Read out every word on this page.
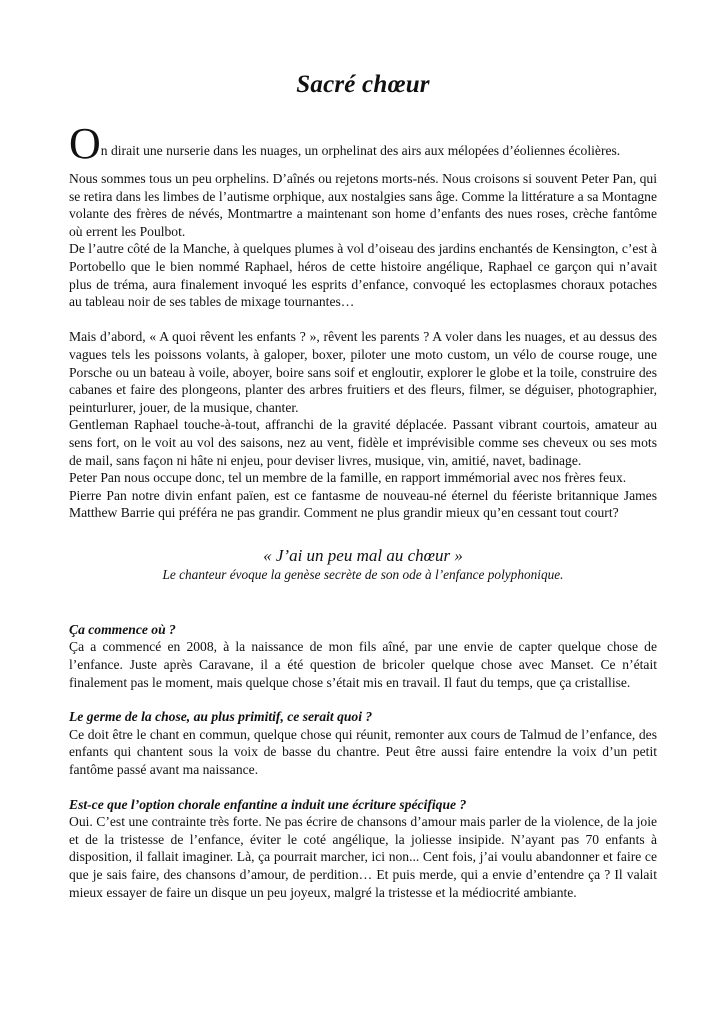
Sacré chœur
O n dirait une nurserie dans les nuages, un orphelinat des airs aux mélopées d’éoliennes écolières.

Nous sommes tous un peu orphelins. D’aînés ou rejetons morts-nés. Nous croisons si souvent Peter Pan, qui se retira dans les limbes de l’autisme orphique, aux nostalgies sans âge. Comme la littérature a sa Montagne volante des frères de névés, Montmartre a maintenant son home d’enfants des nues roses, crèche fantôme où errent les Poulbot.

De l’autre côté de la Manche, à quelques plumes à vol d’oiseau des jardins enchantés de Kensington, c’est à Portobello que le bien nommé Raphael, héros de cette histoire angélique, Raphael ce garçon qui n’avait plus de tréma, aura finalement invoqué les esprits d’enfance, convoqué les ectoplasmes choraux potaches au tableau noir de ses tables de mixage tournantes…

Mais d’abord, « A quoi rêvent les enfants ? », rêvent les parents ? A voler dans les nuages, et au dessus des vagues tels les poissons volants, à galoper, boxer, piloter une moto custom, un vélo de course rouge, une Porsche ou un bateau à voile, aboyer, boire sans soif et engloutir, explorer le globe et la toile, construire des cabanes et faire des plongeons, planter des arbres fruitiers et des fleurs, filmer, se déguiser, photographier, peinturlurer, jouer, de la musique, chanter.

Gentleman Raphael touche-à-tout, affranchi de la gravité déplacée. Passant vibrant courtois, amateur au sens fort, on le voit au vol des saisons, nez au vent, fidèle et imprévisible comme ses cheveux ou ses mots de mail, sans façon ni hâte ni enjeu, pour deviser livres, musique, vin, amitié, navet, badinage.

Peter Pan nous occupe donc, tel un membre de la famille, en rapport immémorial avec nos frères feux.

Pierre Pan notre divin enfant païen, est ce fantasme de nouveau-né éternel du féeriste britannique James Matthew Barrie qui préféra ne pas grandir. Comment ne plus grandir mieux qu’en cessant tout court?

« J’ai un peu mal au chœur »
Le chanteur évoque la genèse secrète de son ode à l’enfance polyphonique.

Ça commence où ?

Ça a commencé en 2008, à la naissance de mon fils aîné, par une envie de capter quelque chose de l’enfance. Juste après Caravane, il a été question de bricoler quelque chose avec Manset. Ce n’était finalement pas le moment, mais quelque chose s’était mis en travail. Il faut du temps, que ça cristallise.

Le germe de la chose, au plus primitif, ce serait quoi ?

Ce doit être le chant en commun, quelque chose qui réunit, remonter aux cours de Talmud de l’enfance, des enfants qui chantent sous la voix de basse du chantre. Peut être aussi faire entendre la voix d’un petit fantôme passé avant ma naissance.

Est-ce que l’option chorale enfantine a induit une écriture spécifique ?

Oui. C’est une contrainte très forte. Ne pas écrire de chansons d’amour mais parler de la violence, de la joie et de la tristesse de l’enfance, éviter le coté angélique, la joliesse insipide. N’ayant pas 70 enfants à disposition, il fallait imaginer. Là, ça pourrait marcher, ici non... Cent fois, j’ai voulu abandonner et faire ce que je sais faire, des chansons d’amour, de perdition… Et puis merde, qui a envie d’entendre ça ? Il valait mieux essayer de faire un disque un peu joyeux, malgré la tristesse et la médiocrité ambiante.
